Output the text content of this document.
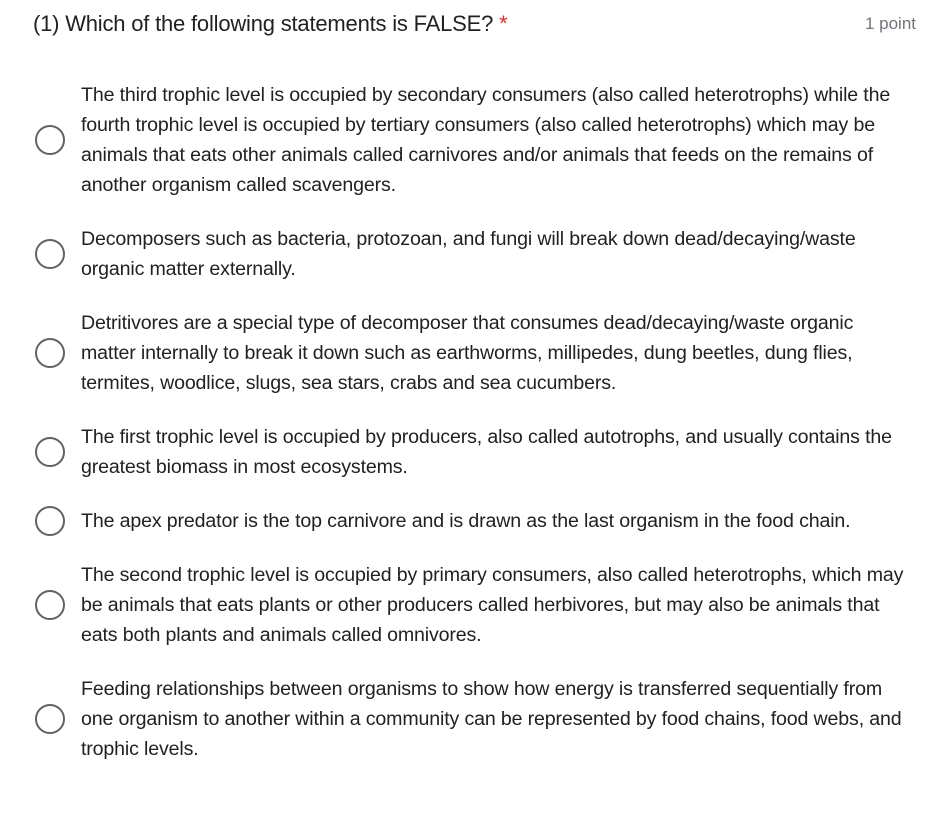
(1) Which of the following statements is FALSE? *	1 point
The third trophic level is occupied by secondary consumers (also called heterotrophs) while the fourth trophic level is occupied by tertiary consumers (also called heterotrophs) which may be animals that eats other animals called carnivores and/or animals that feeds on the remains of another organism called scavengers.
Decomposers such as bacteria, protozoan, and fungi will break down dead/decaying/waste organic matter externally.
Detritivores are a special type of decomposer that consumes dead/decaying/waste organic matter internally to break it down such as earthworms, millipedes, dung beetles, dung flies, termites, woodlice, slugs, sea stars, crabs and sea cucumbers.
The first trophic level is occupied by producers, also called autotrophs, and usually contains the greatest biomass in most ecosystems.
The apex predator is the top carnivore and is drawn as the last organism in the food chain.
The second trophic level is occupied by primary consumers, also called heterotrophs, which may be animals that eats plants or other producers called herbivores, but may also be animals that eats both plants and animals called omnivores.
Feeding relationships between organisms to show how energy is transferred sequentially from one organism to another within a community can be represented by food chains, food webs, and trophic levels.
